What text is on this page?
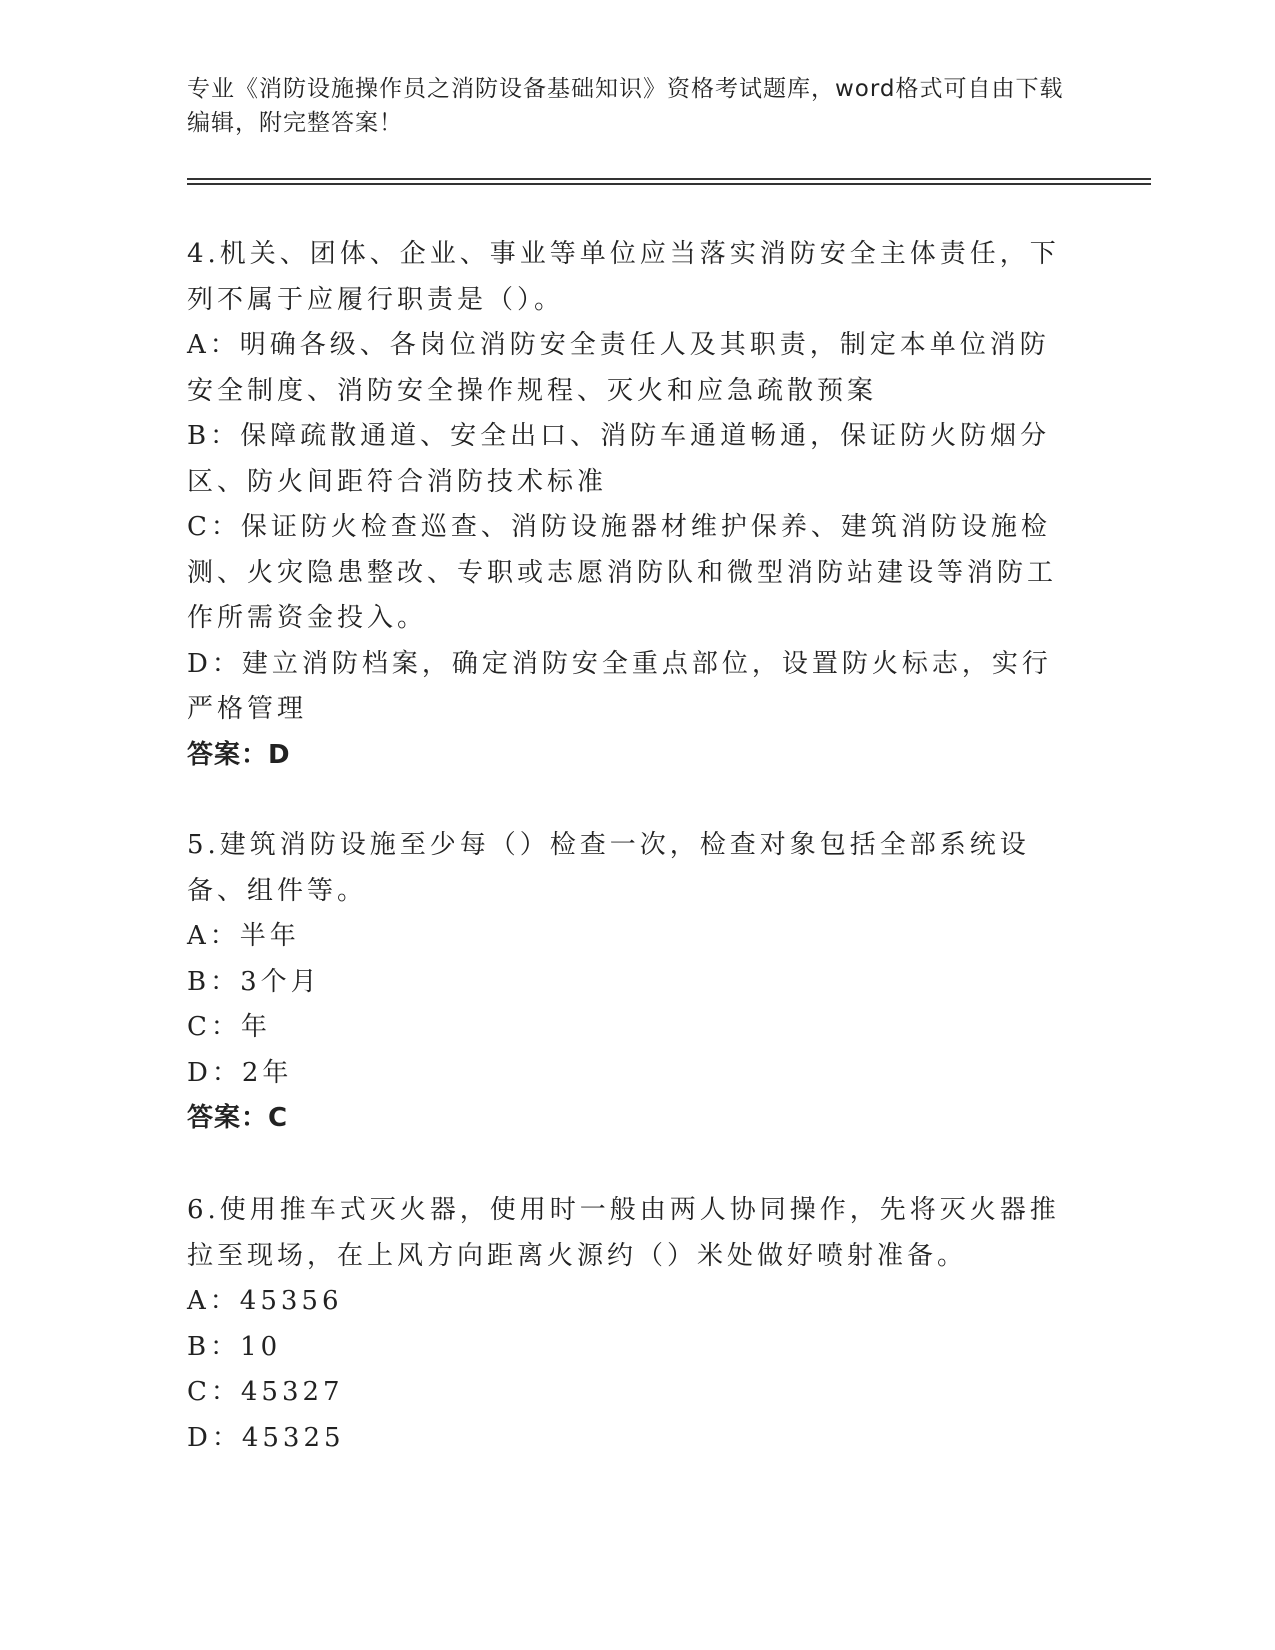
专业《消防设施操作员之消防设备基础知识》资格考试题库，word格式可自由下载编辑，附完整答案！
4.机关、团体、企业、事业等单位应当落实消防安全主体责任，下列不属于应履行职责是（）。
A：明确各级、各岗位消防安全责任人及其职责，制定本单位消防安全制度、消防安全操作规程、灭火和应急疏散预案
B：保障疏散通道、安全出口、消防车通道畅通，保证防火防烟分区、防火间距符合消防技术标准
C：保证防火检查巡查、消防设施器材维护保养、建筑消防设施检测、火灾隐患整改、专职或志愿消防队和微型消防站建设等消防工作所需资金投入。
D：建立消防档案，确定消防安全重点部位，设置防火标志，实行严格管理
答案：D
5.建筑消防设施至少每（）检查一次，检查对象包括全部系统设备、组件等。
A：半年
B：3个月
C：年
D：2年
答案：C
6.使用推车式灭火器，使用时一般由两人协同操作，先将灭火器推拉至现场，在上风方向距离火源约（）米处做好喷射准备。
A：45356
B：10
C：45327
D：45325
